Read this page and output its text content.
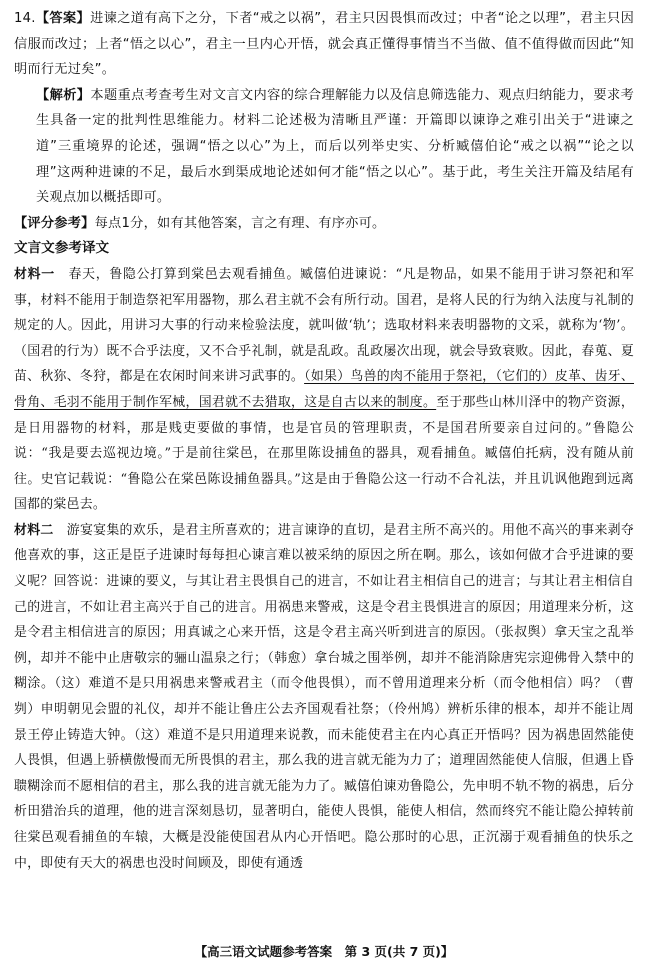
14.【答案】进谏之道有高下之分，下者“戒之以祸”，君主只因畏惧而改过；中者“论之以理”，君主只因信服而改过；上者“悟之以心”，君主一旦内心开悟，就会真正懂得事情当不当做、值不值得做而因此“知明而行无过矣”。

【解析】本题重点考查考生对文言文内容的综合理解能力以及信息筛选能力、观点归纳能力，要求考生具备一定的批判性思维能力。材料二论述极为清晰且严谨：开篇即以谏诤之难引出关于“进谏之道”三重境界的论述，强调“悟之以心”为上，而后以列举史实、分析臧僖伯论“戒之以祸”“论之以理”这两种进谏的不足，最后水到渠成地论述如何才能“悟之以心”。基于此，考生关注开篇及结尾有关观点加以概括即可。

【评分参考】每点1分，如有其他答案，言之有理、有序亦可。

文言文参考译文

材料一　 春天，鲁隐公打算到棠邑去观看捕鱼。臧僖伯进谏说：“凡是物品，如果不能用于讲习祭祀和军事，材料不能用于制造祭祀军用器物，那么君主就不会有所行动。国君，是将人民的行为纳入法度与礼制的规定的人。因此，用讲习大事的行动来检验法度，就叫做‘轨’；选取材料来表明器物的文采，就称为‘物’。（国君的行为）既不合乎法度，又不合乎礼制，就是乱政。乱政屡次出现，就会导致衰败。因此，春蒐、夏苗、秋狝、冬狩，都是在农闲时间来讲习武事的。（如果）鸟兽的肉不能用于祭祀，（它们的）皮革、齿牙、骨角、毛羽不能用于制作军械，国君就不去猎取，这是自古以来的制度。至于那些山林川泽中的物产资源，是日用器物的材料，那是贱吏要做的事情，也是官员的管理职责，不是国君所要亲自过问的。”鲁隐公说：“我是要去巡视边境。”于是前往棠邑，在那里陈设捕鱼的器具，观看捕鱼。臧僖伯托病，没有随从前往。史官记载说：“鲁隐公在棠邑陈设捕鱼器具。”这是由于鲁隐公这一行动不合礼法，并且讥讽他跑到远离国都的棠邑去。

材料二　 游宴宴集的欢乐，是君主所喜欢的；进言谏诤的直切，是君主所不高兴的。用他不高兴的事来剥夺他喜欢的事，这正是臣子进谏时每每担心谏言难以被采纳的原因之所在啊。那么，该如何做才合乎进谏的要义呢？回答说：进谏的要义，与其让君主畏惧自己的进言，不如让君主相信自己的进言；与其让君主相信自己的进言，不如让君主高兴于自己的进言。用祸患来警戒，这是令君主畏惧进言的原因；用道理来分析，这是令君主相信进言的原因；用真诚之心来开悟，这是令君主高兴听到进言的原因。（张叔舆）拿天宝之乱举例，却并不能中止唐敬宗的骊山温泉之行；（韩愈）拿台城之围举例，却并不能消除唐宪宗迎佛骨入禁中的糊涂。（这）难道不是只用祸患来警戒君主（而令他畏惧），而不曾用道理来分析（而令他相信）吗？（曹刿）申明朝见会盟的礼仪，却并不能让鲁庄公去齐国观看社祭；（伶州鸠）辨析乐律的根本，却并不能让周景王停止铸造大钟。（这）难道不是只用道理来说教，而未能使君主在内心真正开悟吗？因为祸患固然能使人畏惧，但遇上骄横傲慢而无所畏惧的君主，那么我的进言就无能为力了；道理固然能使人信服，但遇上昏聩糊涂而不愿相信的君主，那么我的进言就无能为力了。臧僖伯谏劝鲁隐公，先申明不轨不物的祸患，后分析田猎治兵的道理，他的进言深刻恳切，显著明白，能使人畏惧，能使人相信，然而终究不能让隐公掉转前往棠邑观看捕鱼的车辕，大概是没能使国君从内心开悟吧。隐公那时的心思，正沉溺于观看捕鱼的快乐之中，即使有天大的祸患也没时间顾及，即使有通透

【高三语文试题参考答案　第 3 页(共 7 页)】
